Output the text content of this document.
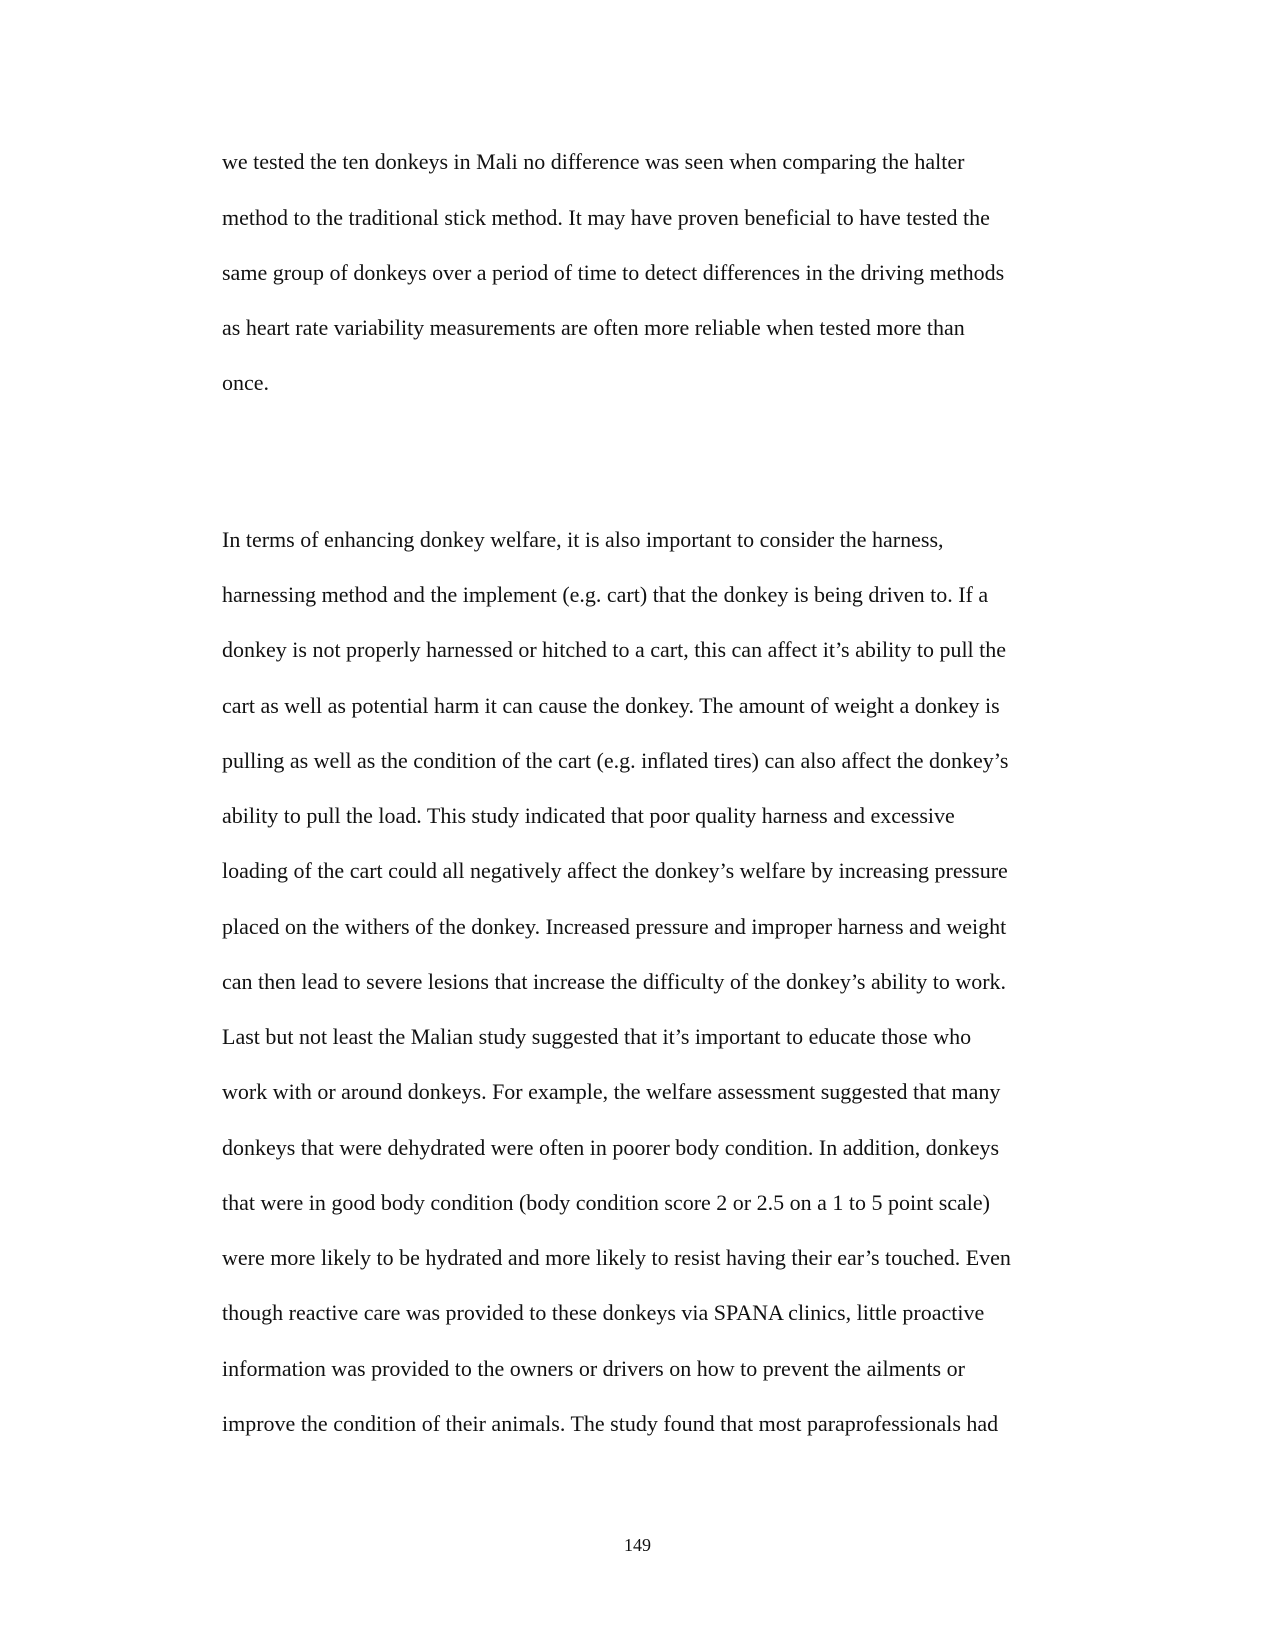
we tested the ten donkeys in Mali no difference was seen when comparing the halter
method to the traditional stick method. It may have proven beneficial to have tested the
same group of donkeys over a period of time to detect differences in the driving methods
as heart rate variability measurements are often more reliable when tested more than
once.
In terms of enhancing donkey welfare, it is also important to consider the harness,
harnessing method and the implement (e.g. cart) that the donkey is being driven to. If a
donkey is not properly harnessed or hitched to a cart, this can affect it’s ability to pull the
cart as well as potential harm it can cause the donkey. The amount of weight a donkey is
pulling as well as the condition of the cart (e.g. inflated tires) can also affect the donkey’s
ability to pull the load. This study indicated that poor quality harness and excessive
loading of the cart could all negatively affect the donkey’s welfare by increasing pressure
placed on the withers of the donkey. Increased pressure and improper harness and weight
can then lead to severe lesions that increase the difficulty of the donkey’s ability to work.
Last but not least the Malian study suggested that it’s important to educate those who
work with or around donkeys. For example, the welfare assessment suggested that many
donkeys that were dehydrated were often in poorer body condition. In addition, donkeys
that were in good body condition (body condition score 2 or 2.5 on a 1 to 5 point scale)
were more likely to be hydrated and more likely to resist having their ear’s touched. Even
though reactive care was provided to these donkeys via SPANA clinics, little proactive
information was provided to the owners or drivers on how to prevent the ailments or
improve the condition of their animals. The study found that most paraprofessionals had
149
